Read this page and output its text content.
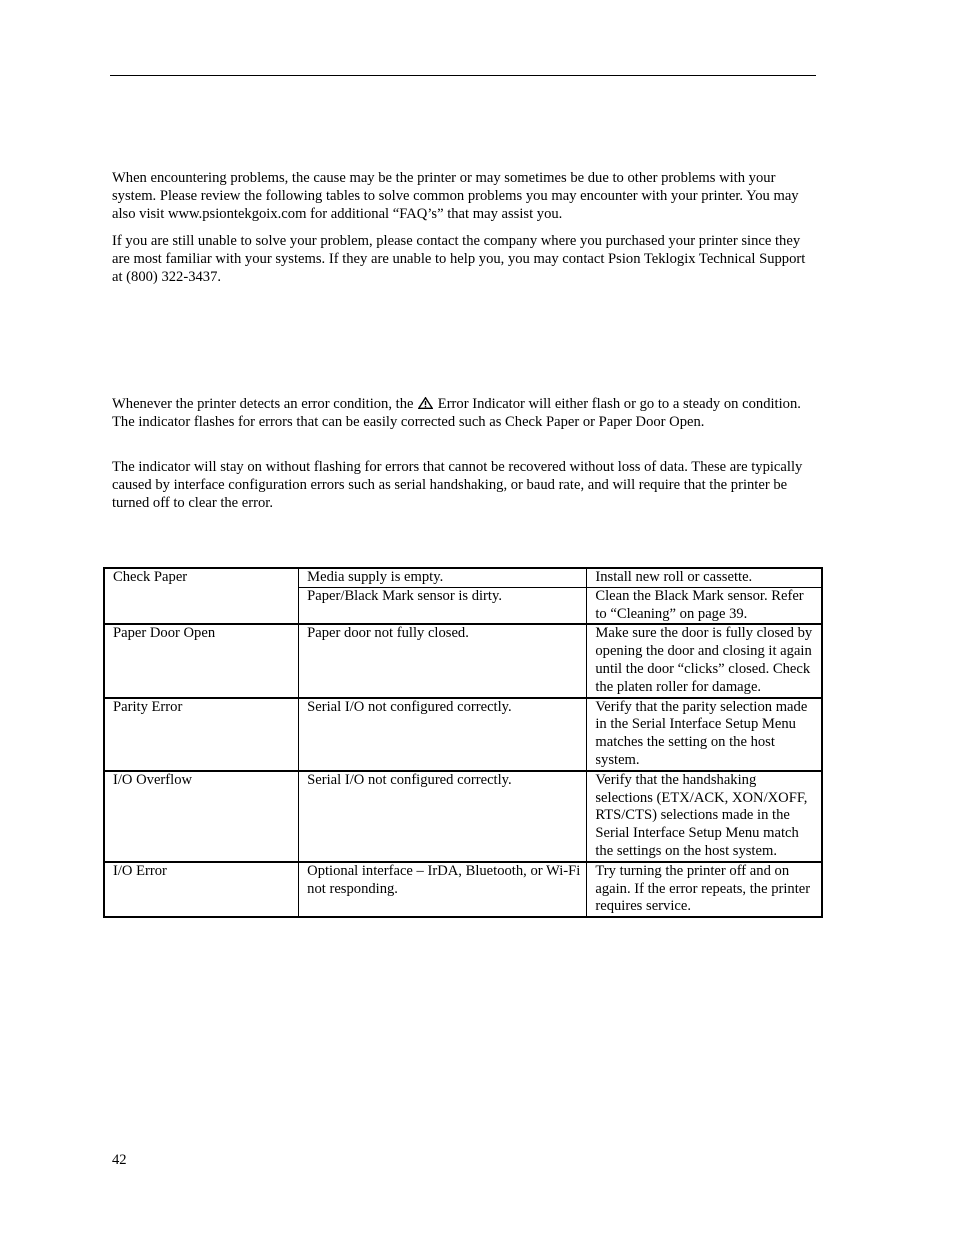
When encountering problems, the cause may be the printer or may sometimes be due to other problems with your system. Please review the following tables to solve common problems you may encounter with your printer. You may also visit www.psiontekgoix.com for additional “FAQ’s” that may assist you.

If you are still unable to solve your problem, please contact the company where you purchased your printer since they are most familiar with your systems. If they are unable to help you, you may contact Psion Teklogix Technical Support at (800) 322-3437.

Whenever the printer detects an error condition, the  Error Indicator will either flash or go to a steady on condition. The indicator flashes for errors that can be easily corrected such as Check Paper or Paper Door Open.

The indicator will stay on without flashing for errors that cannot be recovered without loss of data. These are typically caused by interface configuration errors such as serial handshaking, or baud rate, and will require that the printer be turned off to clear the error.

Check Paper	Media supply is empty.	Install new roll or cassette.
	Paper/Black Mark sensor is dirty.	Clean the Black Mark sensor. Refer to “Cleaning” on page 39.
Paper Door Open	Paper door not fully closed.	Make sure the door is fully closed by opening the door and closing it again until the door “clicks” closed. Check the platen roller for damage.
Parity Error	Serial I/O not configured correctly.	Verify that the parity selection made in the Serial Interface Setup Menu matches the setting on the host system.
I/O Overflow	Serial I/O not configured correctly.	Verify that the handshaking selections (ETX/ACK, XON/XOFF, RTS/CTS) selections made in the Serial Interface Setup Menu match the settings on the host system.
I/O Error	Optional interface – IrDA, Bluetooth, or Wi-Fi not responding.	Try turning the printer off and on again. If the error repeats, the printer requires service.

42
